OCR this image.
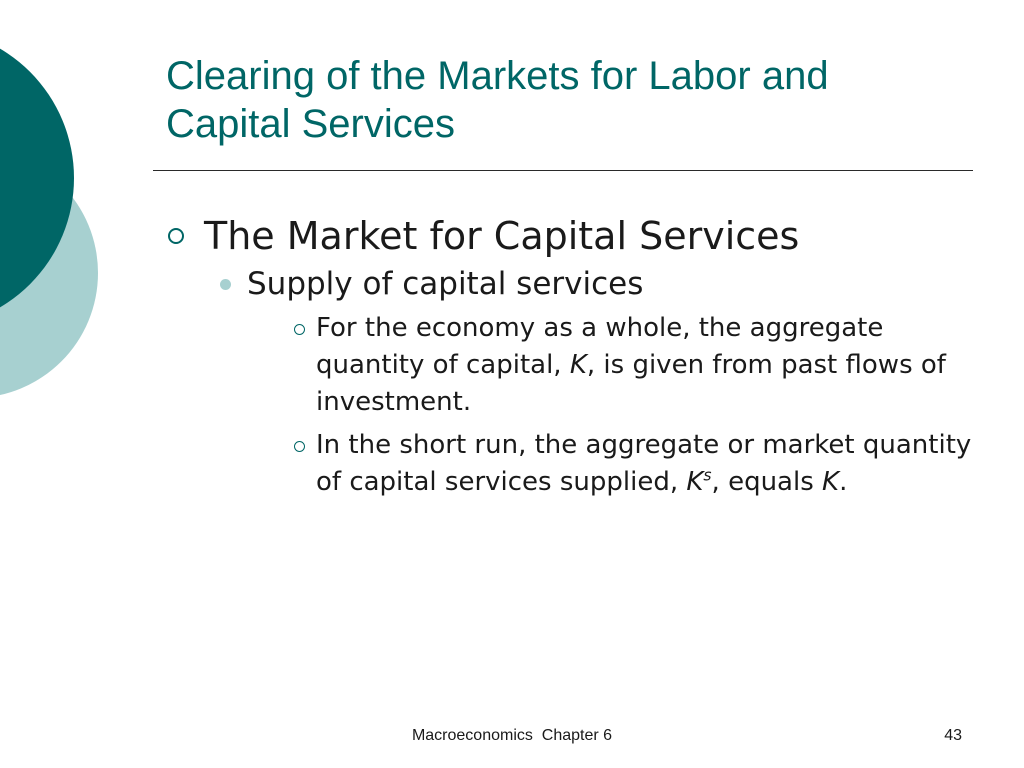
Clearing of the Markets for Labor and
Capital Services
The Market for Capital Services
Supply of capital services
For the economy as a whole, the aggregate quantity of capital, K, is given from past flows of investment.
In the short run, the aggregate or market quantity of capital services supplied, $K^s$, equals K.
Macroeconomics  Chapter 6	43
